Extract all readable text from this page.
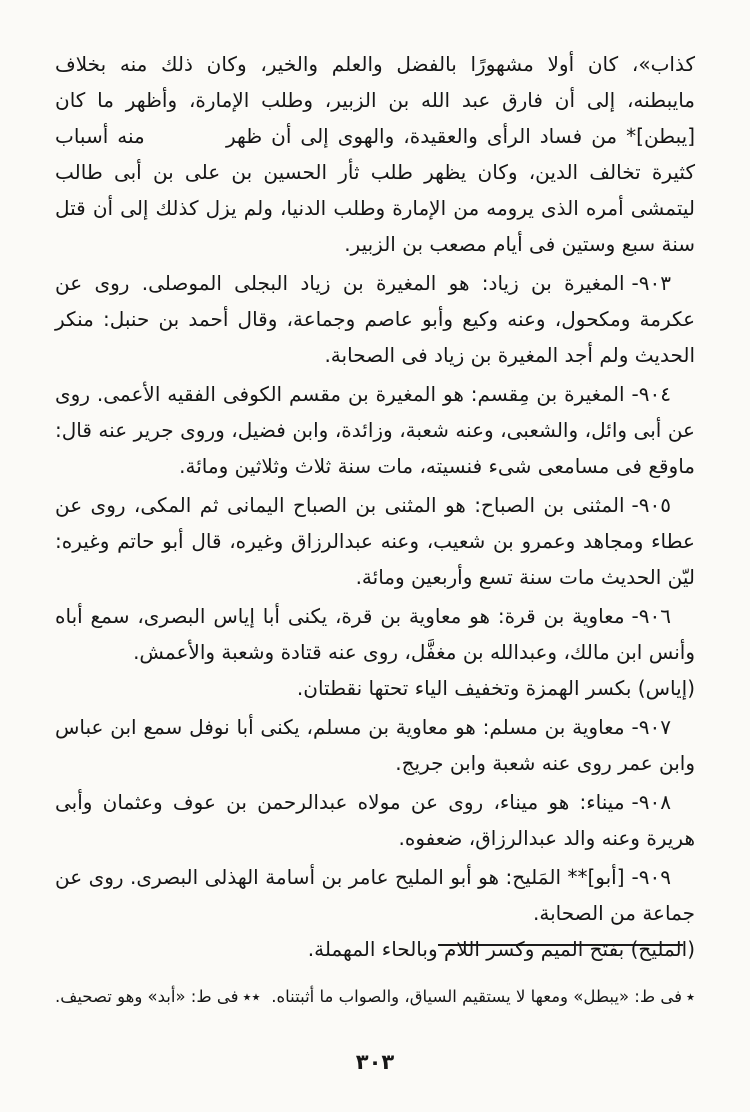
كذاب»، كان أولا مشهورًا بالفضل والعلم والخير، وكان ذلك منه بخلاف مايبطنه، إلى أن فارق عبد الله بن الزبير، وطلب الإمارة، وأظهر ما كان [يبطن]* من فساد الرأى والعقيدة، والهوى إلى أن ظهر         منه أسباب كثيرة تخالف الدين، وكان يظهر طلب ثأر الحسين بن على بن أبى طالب ليتمشى أمره الذى يرومه من الإمارة وطلب الدنيا، ولم يزل كذلك إلى أن قتل سنة سبع وستين فى أيام مصعب بن الزبير.

٩٠٣-المغيرة بن زياد: هو المغيرة بن زياد البجلى الموصلى. روى عن عكرمة ومكحول، وعنه وكيع وأبو عاصم وجماعة، وقال أحمد بن حنبل: منكر الحديث ولم أجد المغيرة بن زياد فى الصحابة.

٩٠٤-المغيرة بن مِقسم: هو المغيرة بن مقسم الكوفى الفقيه الأعمى. روى عن أبى وائل، والشعبى، وعنه شعبة، وزائدة، وابن فضيل، وروى جرير عنه قال: ماوقع فى مسامعى شىء فنسيته، مات سنة ثلاث وثلاثين ومائة.

٩٠٥-المثنى بن الصباح: هو المثنى بن الصباح اليمانى ثم المكى، روى عن عطاء ومجاهد وعمرو بن شعيب، وعنه عبدالرزاق وغيره، قال أبو حاتم وغيره: ليّن الحديث مات سنة تسع وأربعين ومائة.

٩٠٦-معاوية بن قرة: هو معاوية بن قرة، يكنى أبا إياس البصرى، سمع أباه وأنس ابن مالك، وعبدالله بن مغفَّل، روى عنه قتادة وشعبة والأعمش.

(إياس) بكسر الهمزة وتخفيف الياء تحتها نقطتان.

٩٠٧-معاوية بن مسلم: هو معاوية بن مسلم، يكنى أبا نوفل سمع ابن عباس وابن عمر روى عنه شعبة وابن جريج.

٩٠٨-ميناء: هو ميناء، روى عن مولاه عبدالرحمن بن عوف وعثمان وأبى هريرة وعنه والد عبدالرزاق، ضعفوه.

٩٠٩-[أبو]** المَليح: هو أبو المليح عامر بن أسامة الهذلى البصرى. روى عن جماعة من الصحابة.

(المليح) بفتح الميم وكسر اللام وبالحاء المهملة.

٭فى ط: «يبطل» ومعها لا يستقيم السياق، والصواب ما أثبتناه.

٭٭فى ط: «أبد» وهو تصحيف.

٣٠٣
